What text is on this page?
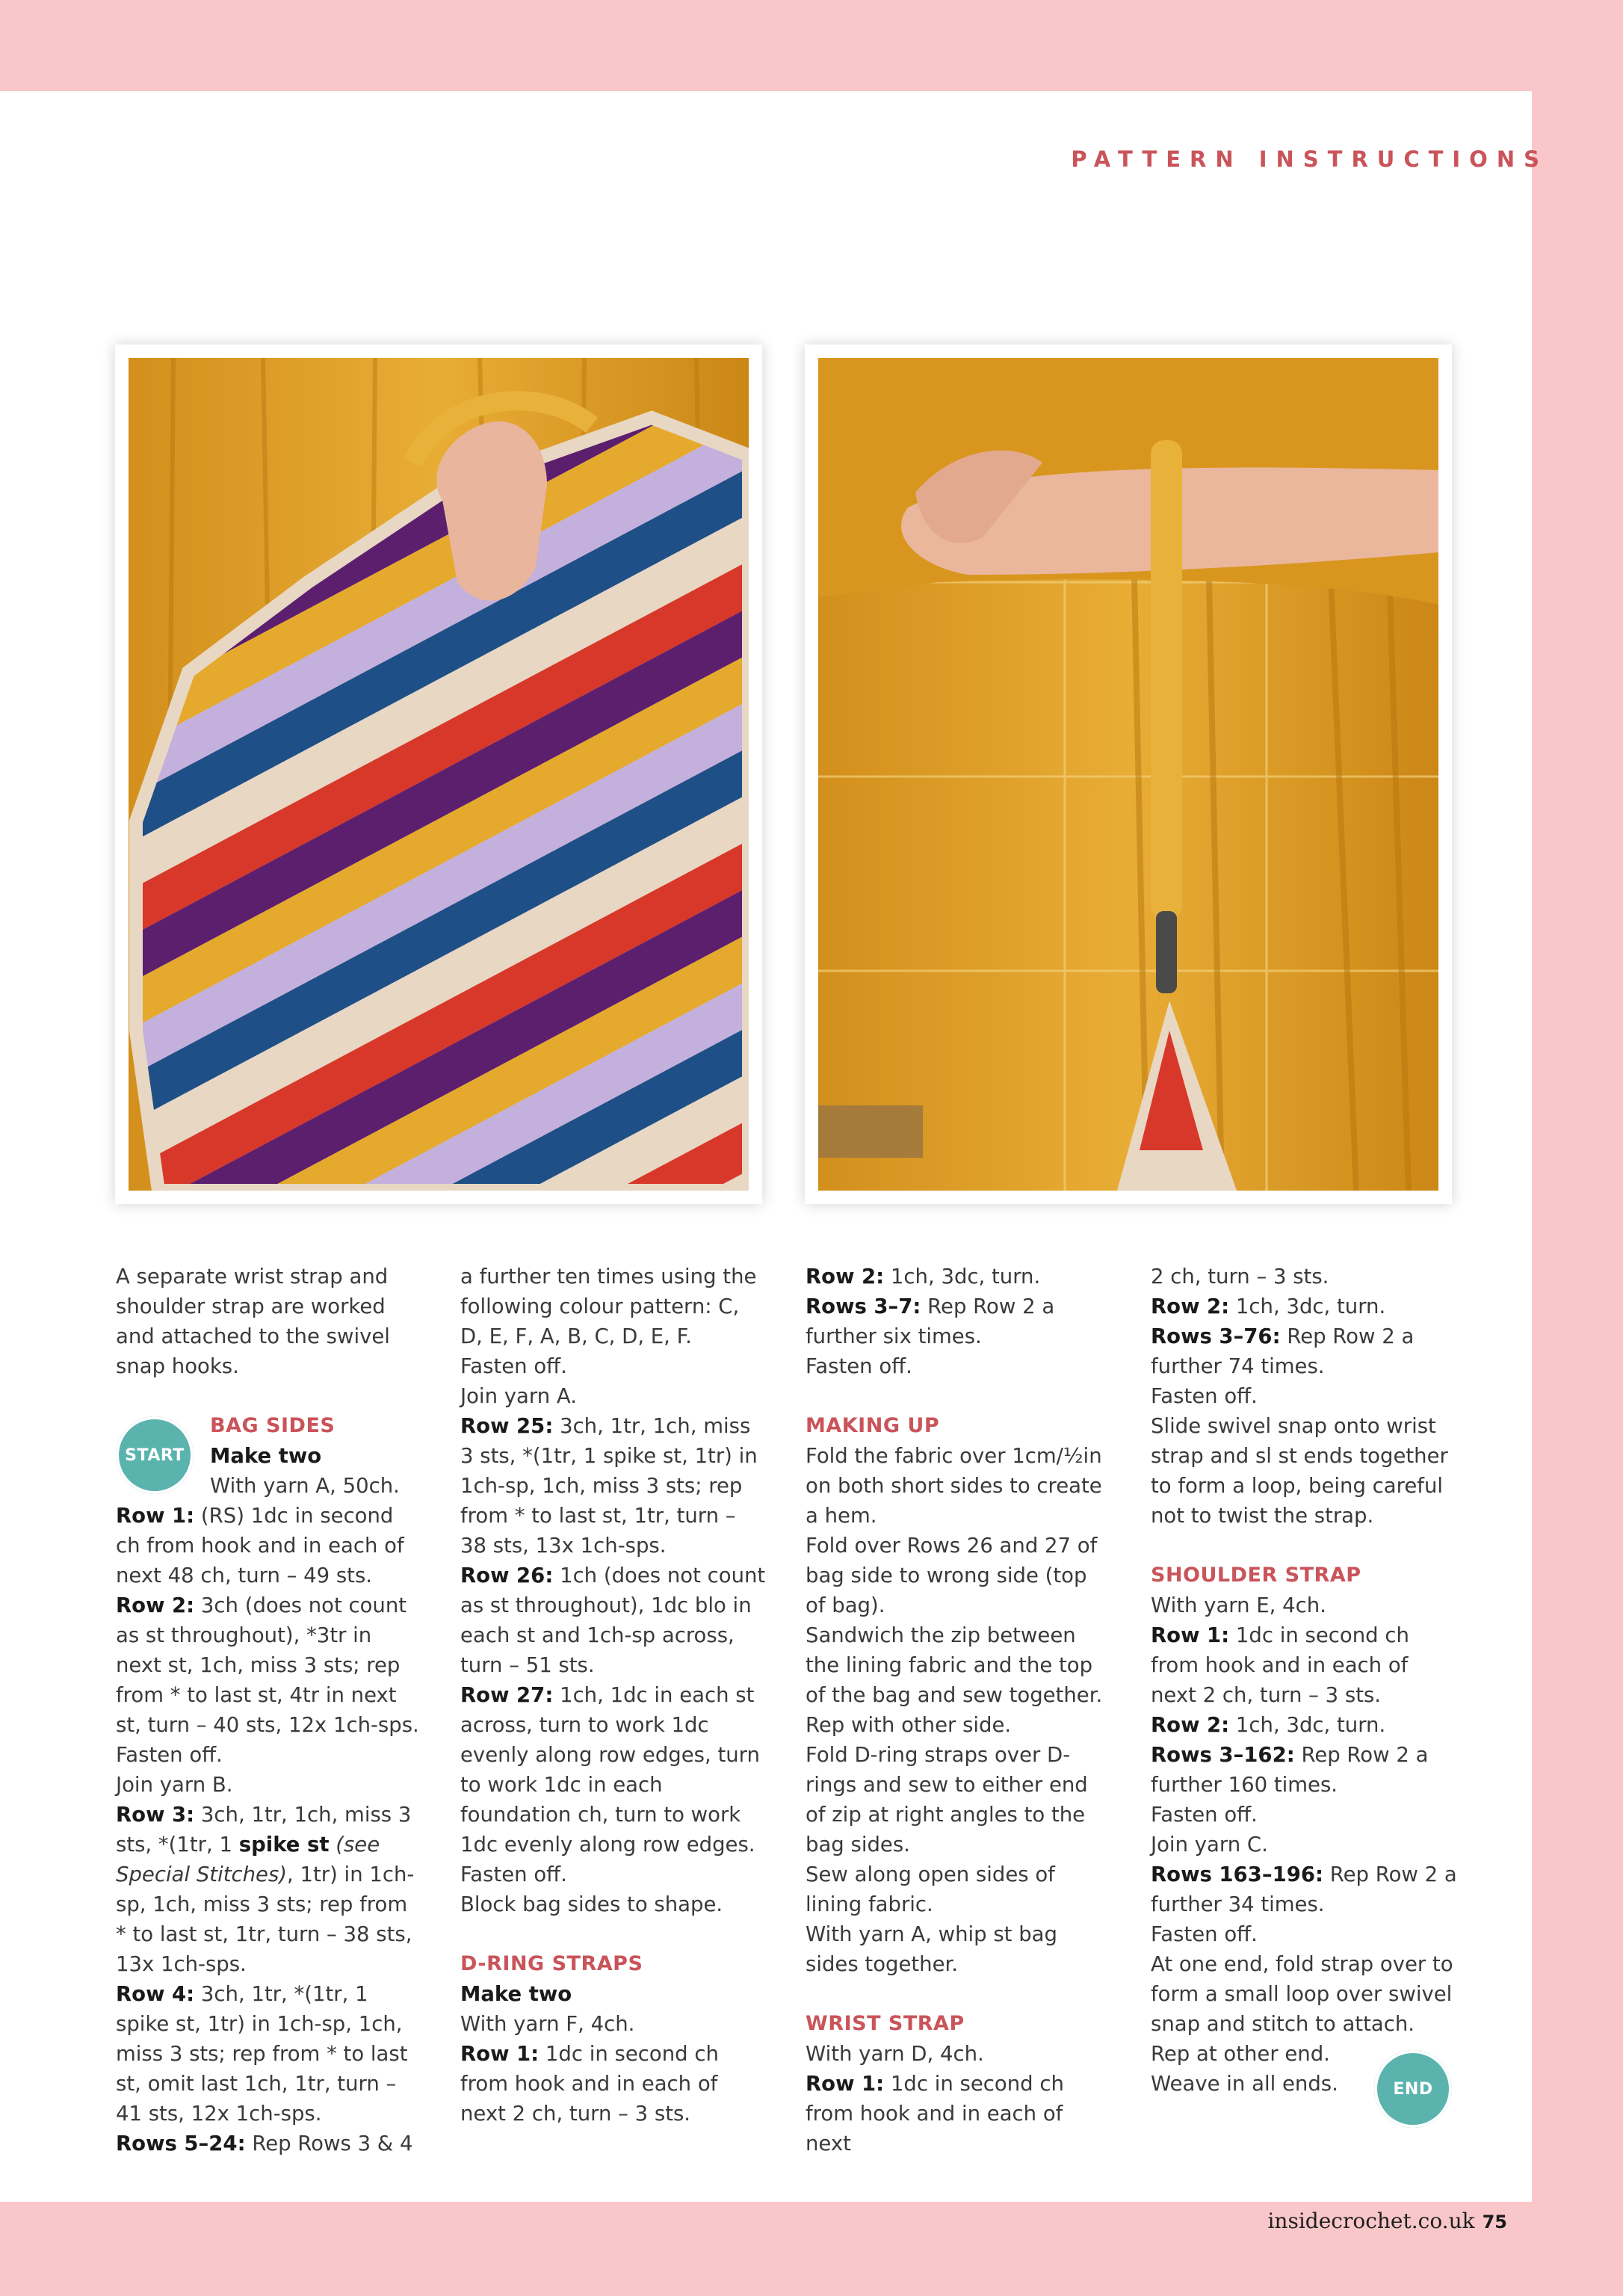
PATTERN INSTRUCTIONS

A separate wrist strap and shoulder strap are worked and attached to the swivel snap hooks.

BAG SIDES

Make two

With yarn A, 50ch.

Row 1: (RS) 1dc in second ch from hook and in each of next 48 ch, turn – 49 sts.

Row 2: 3ch (does not count as st throughout), *3tr in next st, 1ch, miss 3 sts; rep from * to last st, 4tr in next st, turn – 40 sts, 12x 1ch-sps.

Fasten off.

Join yarn B.

Row 3: 3ch, 1tr, 1ch, miss 3 sts, *(1tr, 1 spike st (see Special Stitches), 1tr) in 1ch-sp, 1ch, miss 3 sts; rep from * to last st, 1tr, turn – 38 sts, 13x 1ch-sps.

Row 4: 3ch, 1tr, *(1tr, 1 spike st, 1tr) in 1ch-sp, 1ch, miss 3 sts; rep from * to last st, omit last 1ch, 1tr, turn – 41 sts, 12x 1ch-sps.

Rows 5–24: Rep Rows 3 & 4

START

a further ten times using the following colour pattern: C, D, E, F, A, B, C, D, E, F.

Fasten off.

Join yarn A.

Row 25: 3ch, 1tr, 1ch, miss 3 sts, *(1tr, 1 spike st, 1tr) in 1ch-sp, 1ch, miss 3 sts; rep from * to last st, 1tr, turn – 38 sts, 13x 1ch-sps.

Row 26: 1ch (does not count as st throughout), 1dc blo in each st and 1ch-sp across, turn – 51 sts.

Row 27: 1ch, 1dc in each st across, turn to work 1dc evenly along row edges, turn to work 1dc in each foundation ch, turn to work 1dc evenly along row edges.

Fasten off.

Block bag sides to shape.

D-RING STRAPS

Make two

With yarn F, 4ch.

Row 1: 1dc in second ch from hook and in each of next 2 ch, turn – 3 sts.

Row 2: 1ch, 3dc, turn.

Rows 3–7: Rep Row 2 a further six times.

Fasten off.

MAKING UP

Fold the fabric over 1cm/½in on both short sides to create a hem.

Fold over Rows 26 and 27 of bag side to wrong side (top of bag).

Sandwich the zip between the lining fabric and the top of the bag and sew together.

Rep with other side.

Fold D-ring straps over D-rings and sew to either end of zip at right angles to the bag sides.

Sew along open sides of lining fabric.

With yarn A, whip st bag sides together.

WRIST STRAP

With yarn D, 4ch.

Row 1: 1dc in second ch from hook and in each of next

2 ch, turn – 3 sts.

Row 2: 1ch, 3dc, turn.

Rows 3–76: Rep Row 2 a further 74 times.

Fasten off.

Slide swivel snap onto wrist strap and sl st ends together to form a loop, being careful not to twist the strap.

SHOULDER STRAP

With yarn E, 4ch.

Row 1: 1dc in second ch from hook and in each of next 2 ch, turn – 3 sts.

Row 2: 1ch, 3dc, turn.

Rows 3–162: Rep Row 2 a further 160 times.

Fasten off.

Join yarn C.

Rows 163–196: Rep Row 2 a further 34 times.

Fasten off.

At one end, fold strap over to form a small loop over swivel snap and stitch to attach.

Rep at other end.

Weave in all ends.	END
insidecrochet.co.uk 75
